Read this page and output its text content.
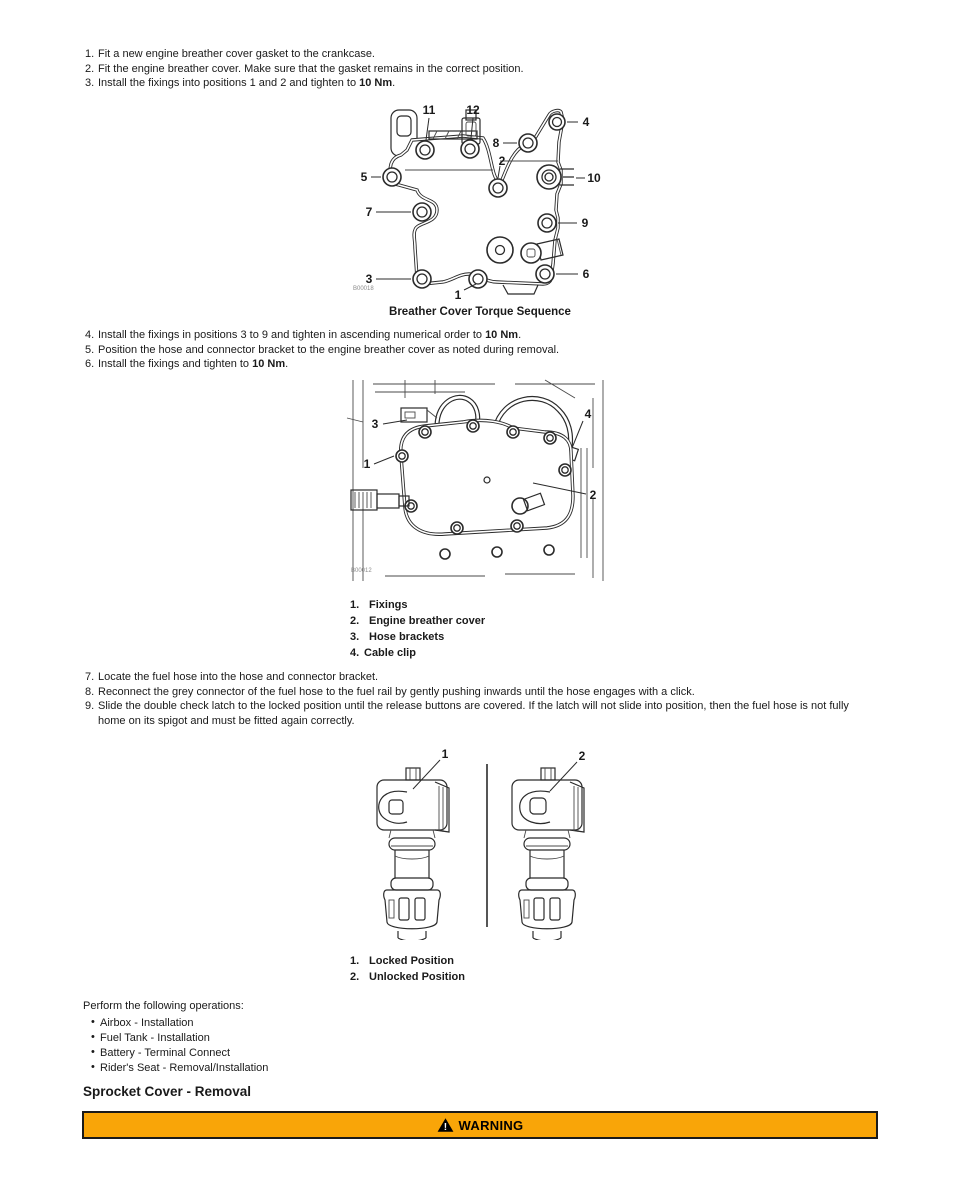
1. Fit a new engine breather cover gasket to the crankcase.
2. Fit the engine breather cover. Make sure that the gasket remains in the correct position.
3. Install the fixings into positions 1 and 2 and tighten to 10 Nm.
1
2
3
4
5
6
7
8
9
10
11	12
B00018
Breather Cover Torque Sequence
4. Install the fixings in positions 3 to 9 and tighten in ascending numerical order to 10 Nm.
5. Position the hose and connector bracket to the engine breather cover as noted during removal.
6. Install the fixings and tighten to 10 Nm.
3
4
1
2
B00012
1. Fixings
2. Engine breather cover
3. Hose brackets
4. Cable clip
7. Locate the fuel hose into the hose and connector bracket.
8. Reconnect the grey connector of the fuel hose to the fuel rail by gently pushing inwards until the hose engages with a click.
9. Slide the double check latch to the locked position until the release buttons are covered. If the latch will not slide into position, then the fuel hose is not fully home on its spigot and must be fitted again correctly.
1	2
1. Locked Position
2. Unlocked Position
Perform the following operations:
• Airbox - Installation
• Fuel Tank - Installation
• Battery - Terminal Connect
• Rider's Seat - Removal/Installation
Sprocket Cover - Removal
! WARNING
